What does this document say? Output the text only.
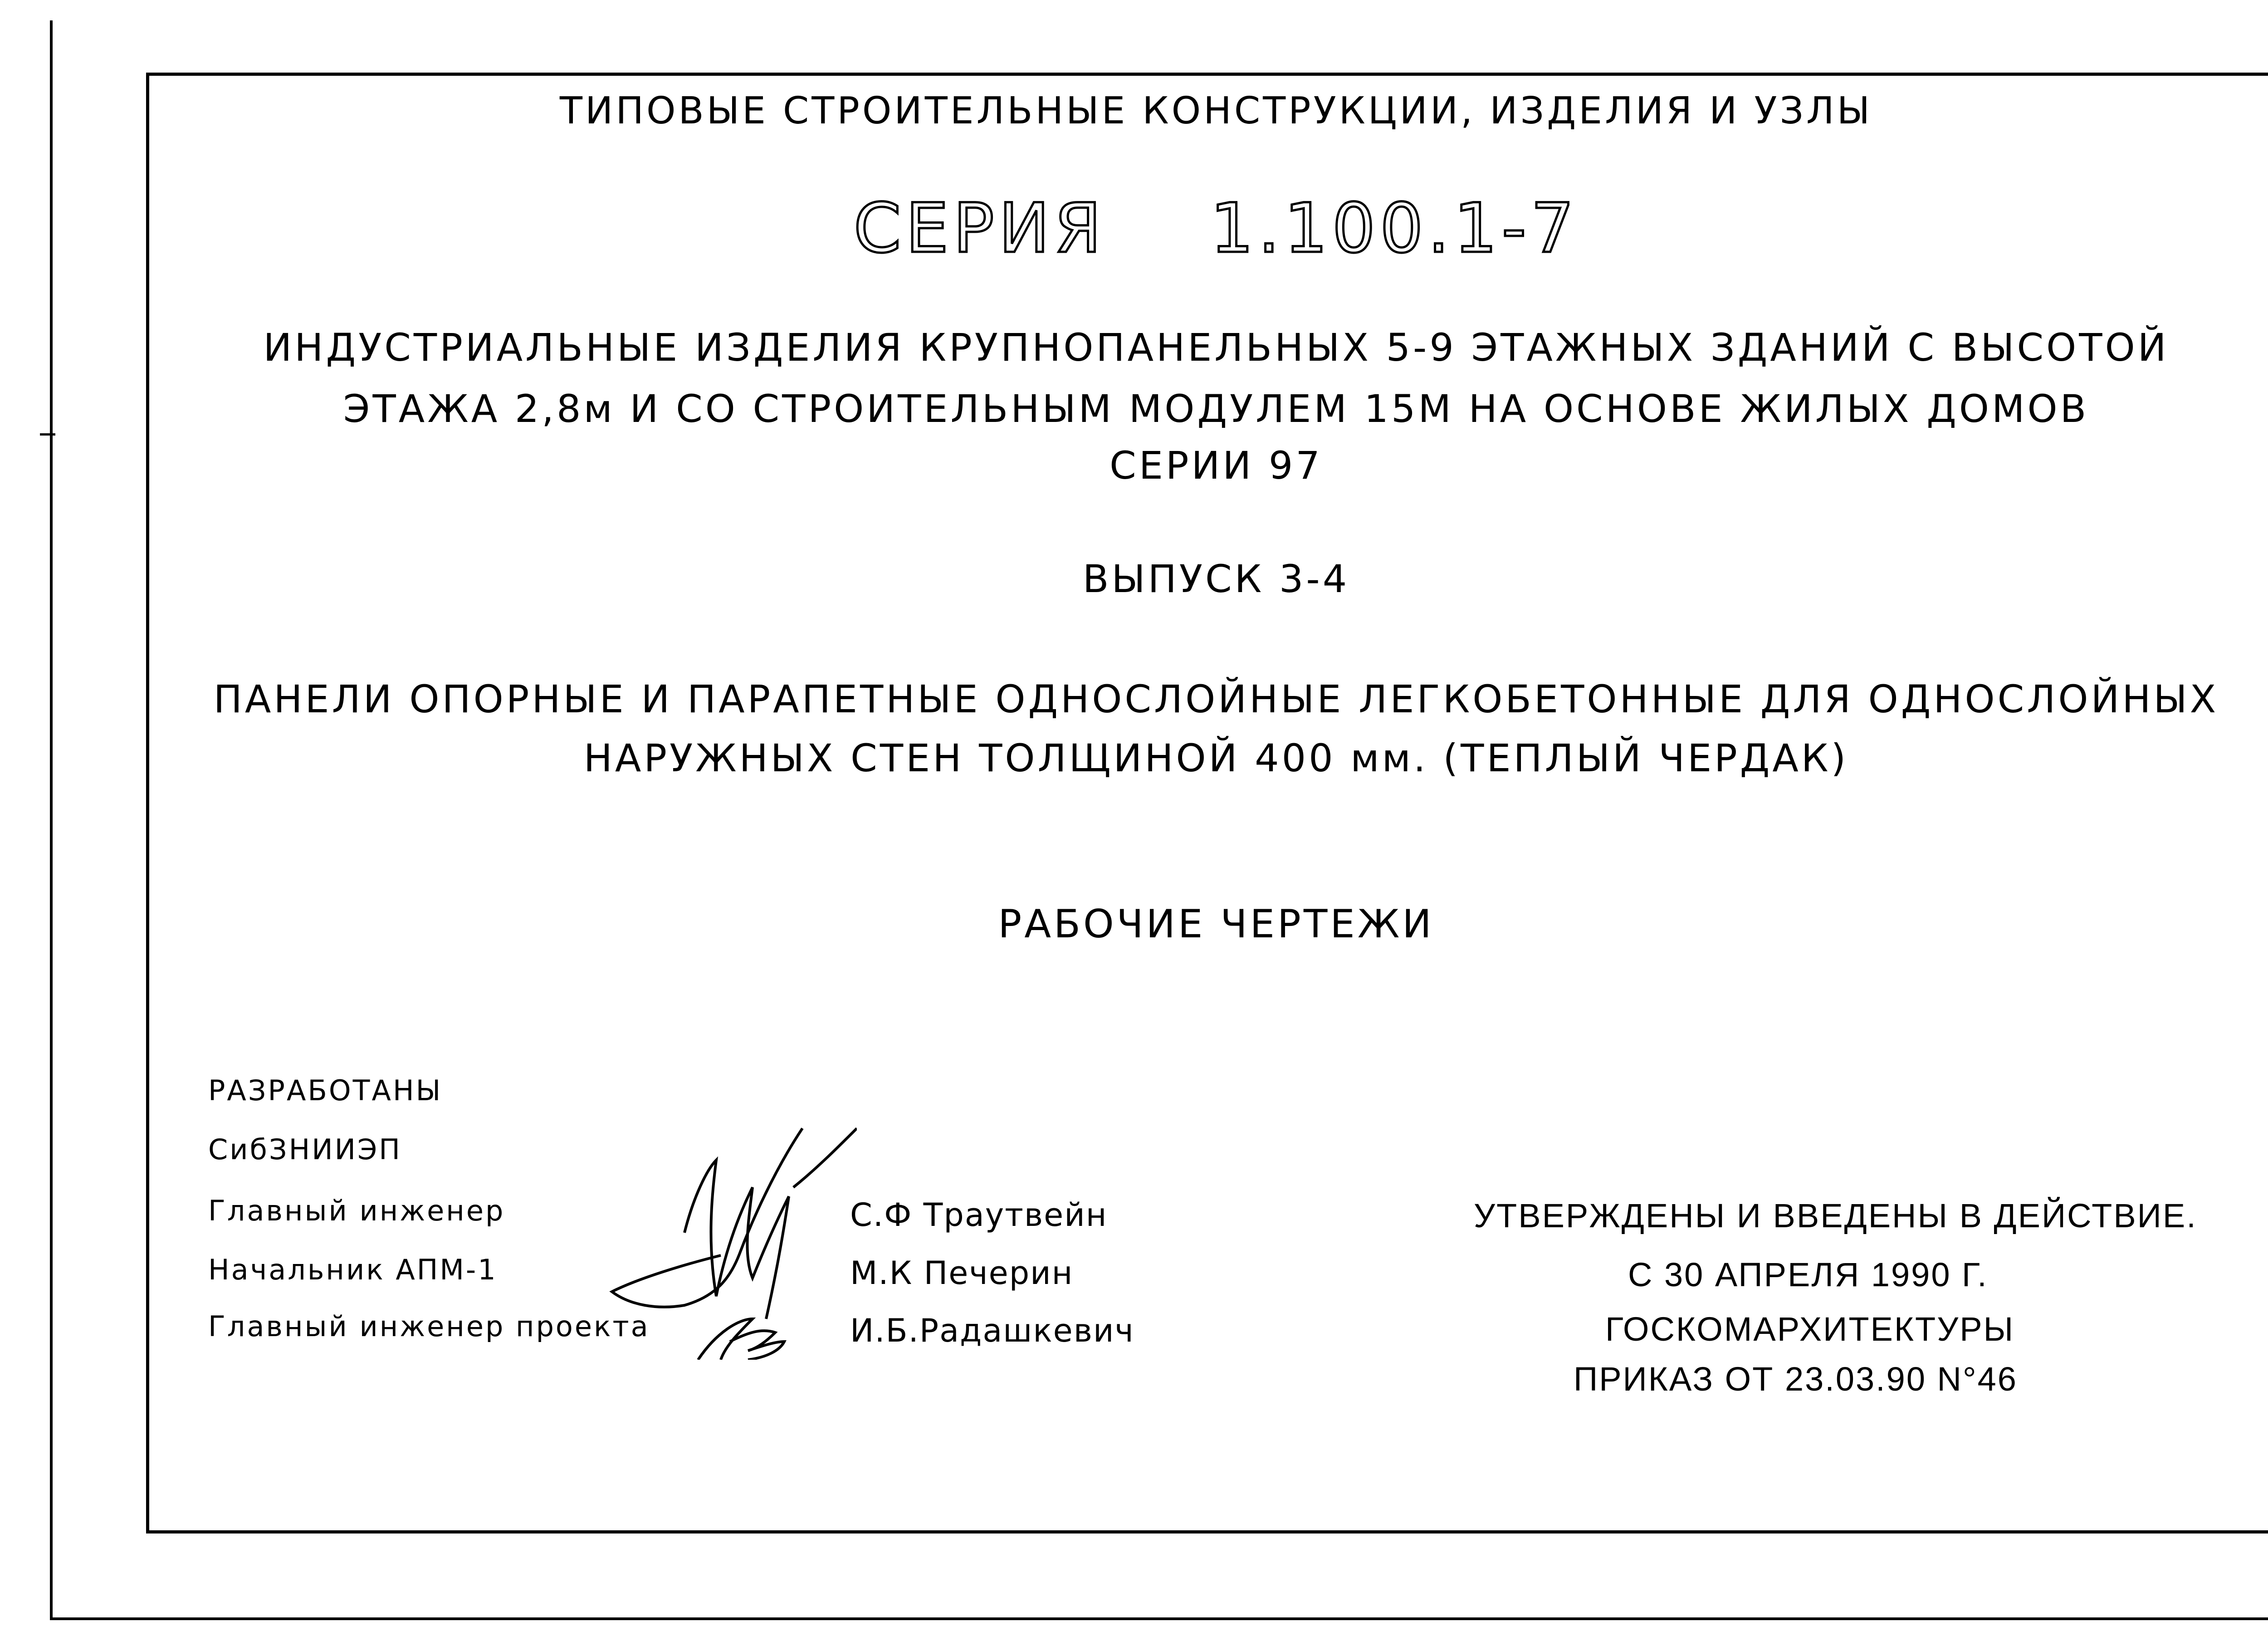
ТИПОВЫЕ СТРОИТЕЛЬНЫЕ КОНСТРУКЦИИ, ИЗДЕЛИЯ И УЗЛЫ
СЕРИЯ 1.100.1-7
ИНДУСТРИАЛЬНЫЕ ИЗДЕЛИЯ КРУПНОПАНЕЛЬНЫХ 5-9 ЭТАЖНЫХ ЗДАНИЙ С ВЫСОТОЙ
ЭТАЖА 2,8м И СО СТРОИТЕЛЬНЫМ МОДУЛЕМ 15М НА ОСНОВЕ ЖИЛЫХ ДОМОВ
СЕРИИ 97
ВЫПУСК 3-4
ПАНЕЛИ ОПОРНЫЕ И ПАРАПЕТНЫЕ ОДНОСЛОЙНЫЕ ЛЕГКОБЕТОННЫЕ ДЛЯ ОДНОСЛОЙНЫХ
НАРУЖНЫХ СТЕН ТОЛЩИНОЙ 400 мм. (ТЕПЛЫЙ ЧЕРДАК)
РАБОЧИЕ ЧЕРТЕЖИ
РАЗРАБОТАНЫ
СибЗНИИЭП
Главный инженер
Начальник АПМ-1
Главный инженер проекта
С.Ф Траутвейн
М.К Печерин
И.Б.Радашкевич
УТВЕРЖДЕНЫ И ВВЕДЕНЫ В ДЕЙСТВИЕ.
С 30 АПРЕЛЯ 1990 Г.
ГОСКОМАРХИТЕКТУРЫ
ПРИКАЗ ОТ 23.03.90 N°46
